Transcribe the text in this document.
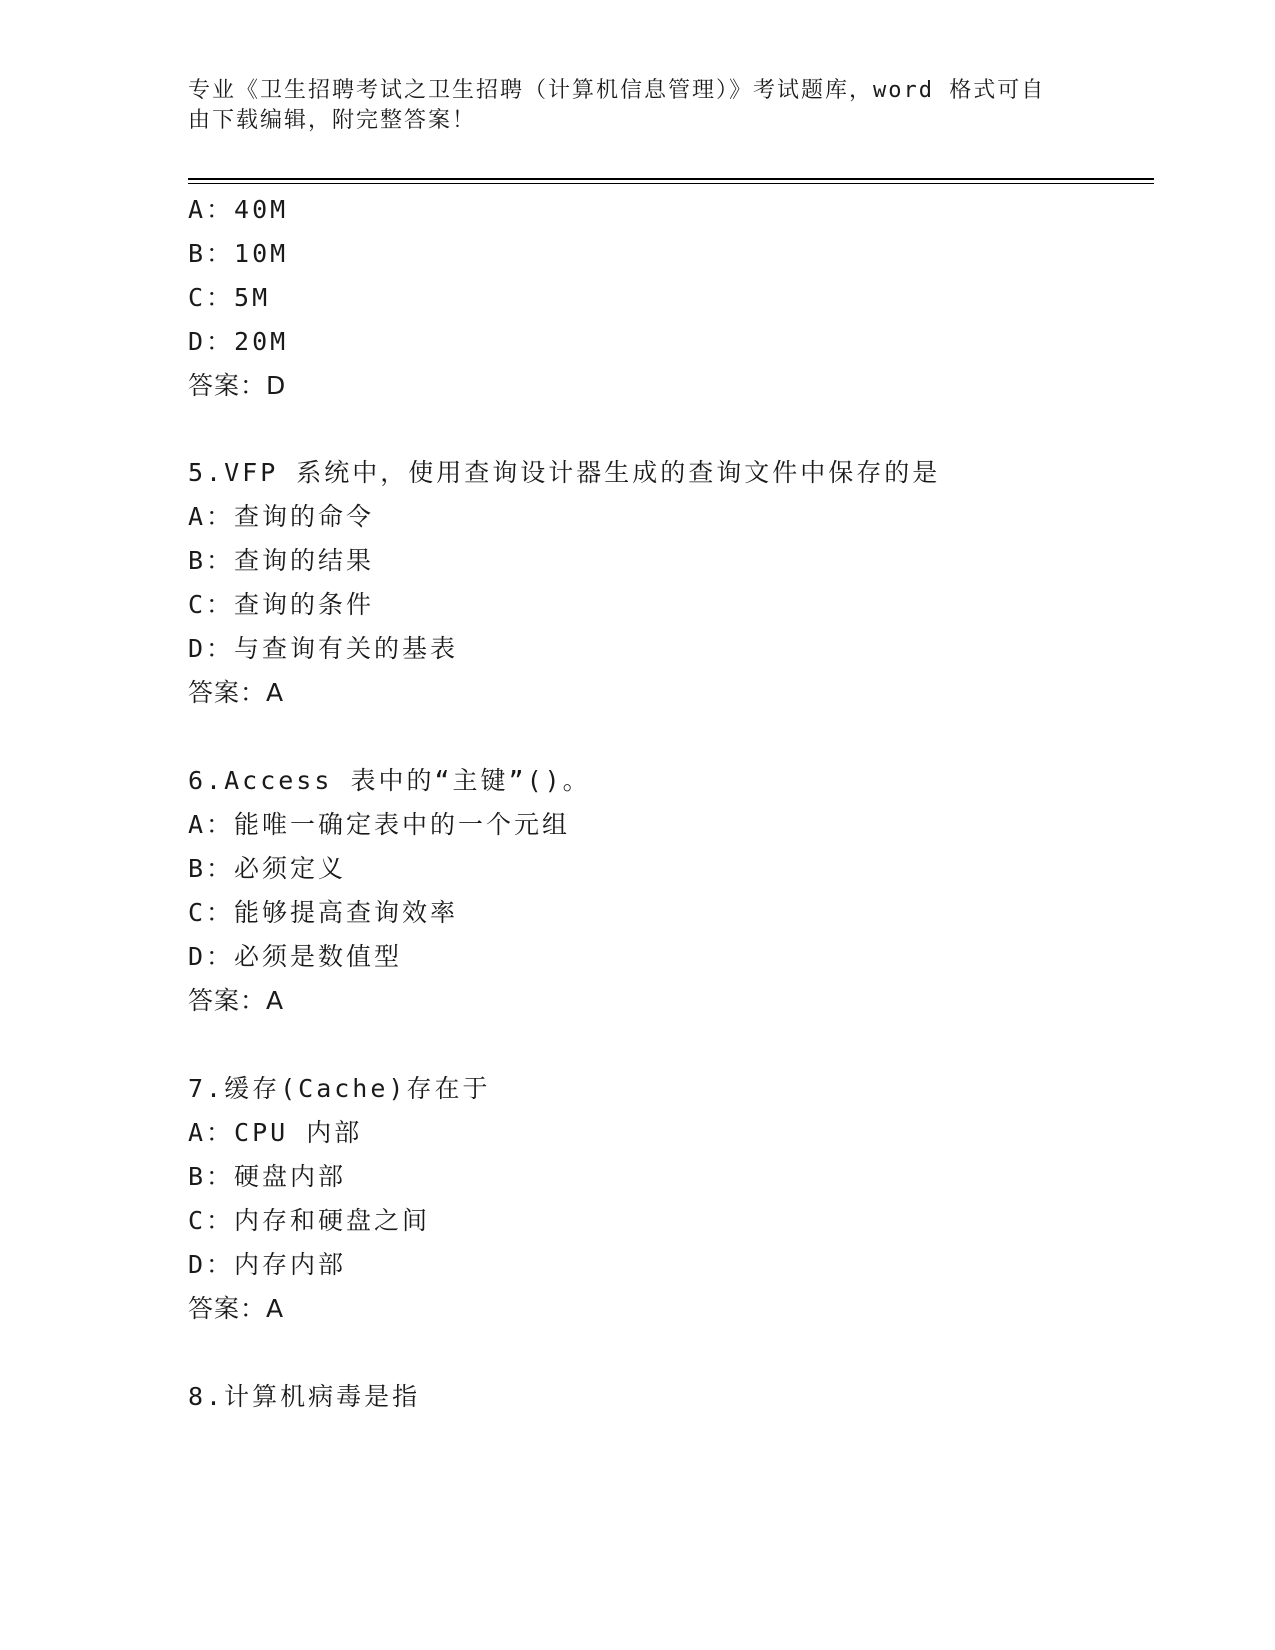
专业《卫生招聘考试之卫生招聘（计算机信息管理）》考试题库，word 格式可自
由下载编辑，附完整答案！
A：40M
B：10M
C：5M
D：20M
答案：D
5.VFP 系统中，使用查询设计器生成的查询文件中保存的是
A：查询的命令
B：查询的结果
C：查询的条件
D：与查询有关的基表
答案：A
6.Access 表中的“主键”()。
A：能唯一确定表中的一个元组
B：必须定义
C：能够提高查询效率
D：必须是数值型
答案：A
7.缓存(Cache)存在于
A：CPU 内部
B：硬盘内部
C：内存和硬盘之间
D：内存内部
答案：A
8.计算机病毒是指
